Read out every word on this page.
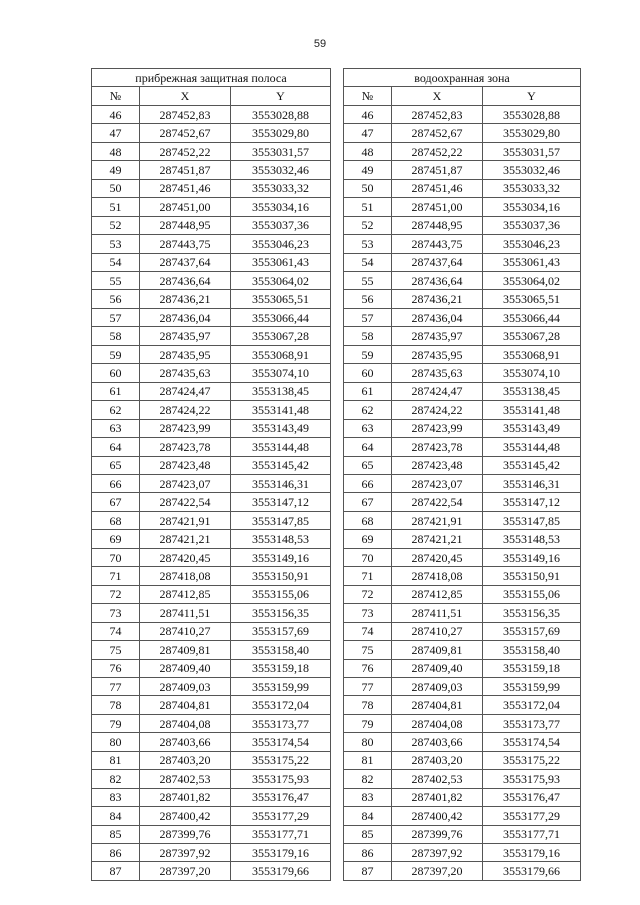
59
прибрежная защитная полоса		
№	X	Y
46	287452,83	3553028,88
47	287452,67	3553029,80
48	287452,22	3553031,57
49	287451,87	3553032,46
50	287451,46	3553033,32
51	287451,00	3553034,16
52	287448,95	3553037,36
53	287443,75	3553046,23
54	287437,64	3553061,43
55	287436,64	3553064,02
56	287436,21	3553065,51
57	287436,04	3553066,44
58	287435,97	3553067,28
59	287435,95	3553068,91
60	287435,63	3553074,10
61	287424,47	3553138,45
62	287424,22	3553141,48
63	287423,99	3553143,49
64	287423,78	3553144,48
65	287423,48	3553145,42
66	287423,07	3553146,31
67	287422,54	3553147,12
68	287421,91	3553147,85
69	287421,21	3553148,53
70	287420,45	3553149,16
71	287418,08	3553150,91
72	287412,85	3553155,06
73	287411,51	3553156,35
74	287410,27	3553157,69
75	287409,81	3553158,40
76	287409,40	3553159,18
77	287409,03	3553159,99
78	287404,81	3553172,04
79	287404,08	3553173,77
80	287403,66	3553174,54
81	287403,20	3553175,22
82	287402,53	3553175,93
83	287401,82	3553176,47
84	287400,42	3553177,29
85	287399,76	3553177,71
86	287397,92	3553179,16
87	287397,20	3553179,66
водоохранная зона		
№	X	Y
46	287452,83	3553028,88
47	287452,67	3553029,80
48	287452,22	3553031,57
49	287451,87	3553032,46
50	287451,46	3553033,32
51	287451,00	3553034,16
52	287448,95	3553037,36
53	287443,75	3553046,23
54	287437,64	3553061,43
55	287436,64	3553064,02
56	287436,21	3553065,51
57	287436,04	3553066,44
58	287435,97	3553067,28
59	287435,95	3553068,91
60	287435,63	3553074,10
61	287424,47	3553138,45
62	287424,22	3553141,48
63	287423,99	3553143,49
64	287423,78	3553144,48
65	287423,48	3553145,42
66	287423,07	3553146,31
67	287422,54	3553147,12
68	287421,91	3553147,85
69	287421,21	3553148,53
70	287420,45	3553149,16
71	287418,08	3553150,91
72	287412,85	3553155,06
73	287411,51	3553156,35
74	287410,27	3553157,69
75	287409,81	3553158,40
76	287409,40	3553159,18
77	287409,03	3553159,99
78	287404,81	3553172,04
79	287404,08	3553173,77
80	287403,66	3553174,54
81	287403,20	3553175,22
82	287402,53	3553175,93
83	287401,82	3553176,47
84	287400,42	3553177,29
85	287399,76	3553177,71
86	287397,92	3553179,16
87	287397,20	3553179,66
